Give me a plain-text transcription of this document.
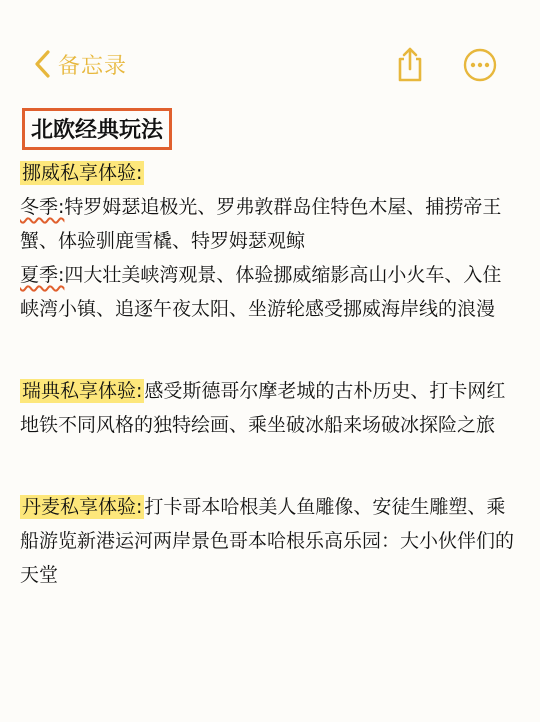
备忘录
北欧经典玩法

挪威私享体验:

冬季:特罗姆瑟追极光、罗弗敦群岛住特色木屋、捕捞帝王蟹、体验驯鹿雪橇、特罗姆瑟观鲸

夏季:四大壮美峡湾观景、体验挪威缩影高山小火车、入住峡湾小镇、追逐午夜太阳、坐游轮感受挪威海岸线的浪漫

瑞典私享体验: 感受斯德哥尔摩老城的古朴历史、打卡网红地铁不同风格的独特绘画、乘坐破冰船来场破冰探险之旅

丹麦私享体验: 打卡哥本哈根美人鱼雕像、安徒生雕塑、乘船游览新港运河两岸景色哥本哈根乐高乐园：大小伙伴们的天堂
